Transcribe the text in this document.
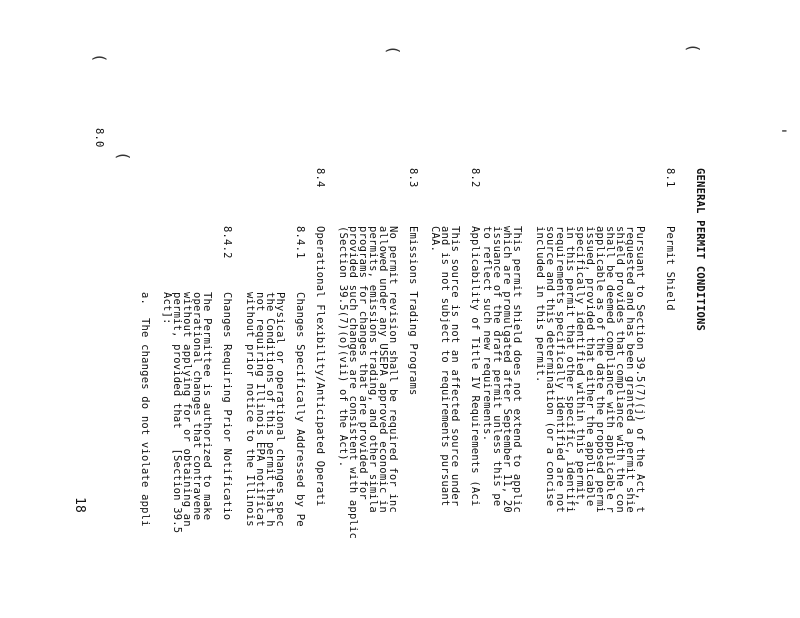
 (	(	(
(
'
8.0
18
GENERAL PERMIT CONDITIONS
8.1
Permit Shield
Pursuant to Section 39.5(7)(j) of the Act, t
requested and has been granted a permit shie
shield provides that compliance with the con
shall be deemed compliance with applicable r
applicable as of the date the proposed permi
issued, provided that either the applicable
specifically identified within this permit,
in this permit that other specific, identifi
requirements specifically identified are not
source and this determination (or a concise
included in this permit.
This permit shield does not extend to applic
which are promulgated after September 11, 20
issuance of the draft permit unless this pe
to reflect such new requirements.
8.2
Applicability of Title IV Requirements (Aci
This source is not an affected source under
and is not subject to requirements pursuant
CAA.
8.3
Emissions Trading Programs
No permit revision shall be required for inc
allowed under any USEPA approved economic in
permits, emissions trading, and other simila
programs for changes that are provided for
provided such changes are consistent with applic
(Section 39.5(7)(o)(vii) of the Act).
8.4
Operational Flexibility/Anticipated Operati
8.4.1
Changes Specifically Addressed by Pe
Physical or operational changes spec
the Conditions of this permit that h
not requiring Illinois EPA notificat
without prior notice to the Illinois
8.4.2
Changes Requiring Prior Notificatio
The Permittee is authorized to make
operational changes that contravene
without applying for or obtaining an
permit, provided that   [Section 39.5
Act]:
a.
The changes do not violate appli
